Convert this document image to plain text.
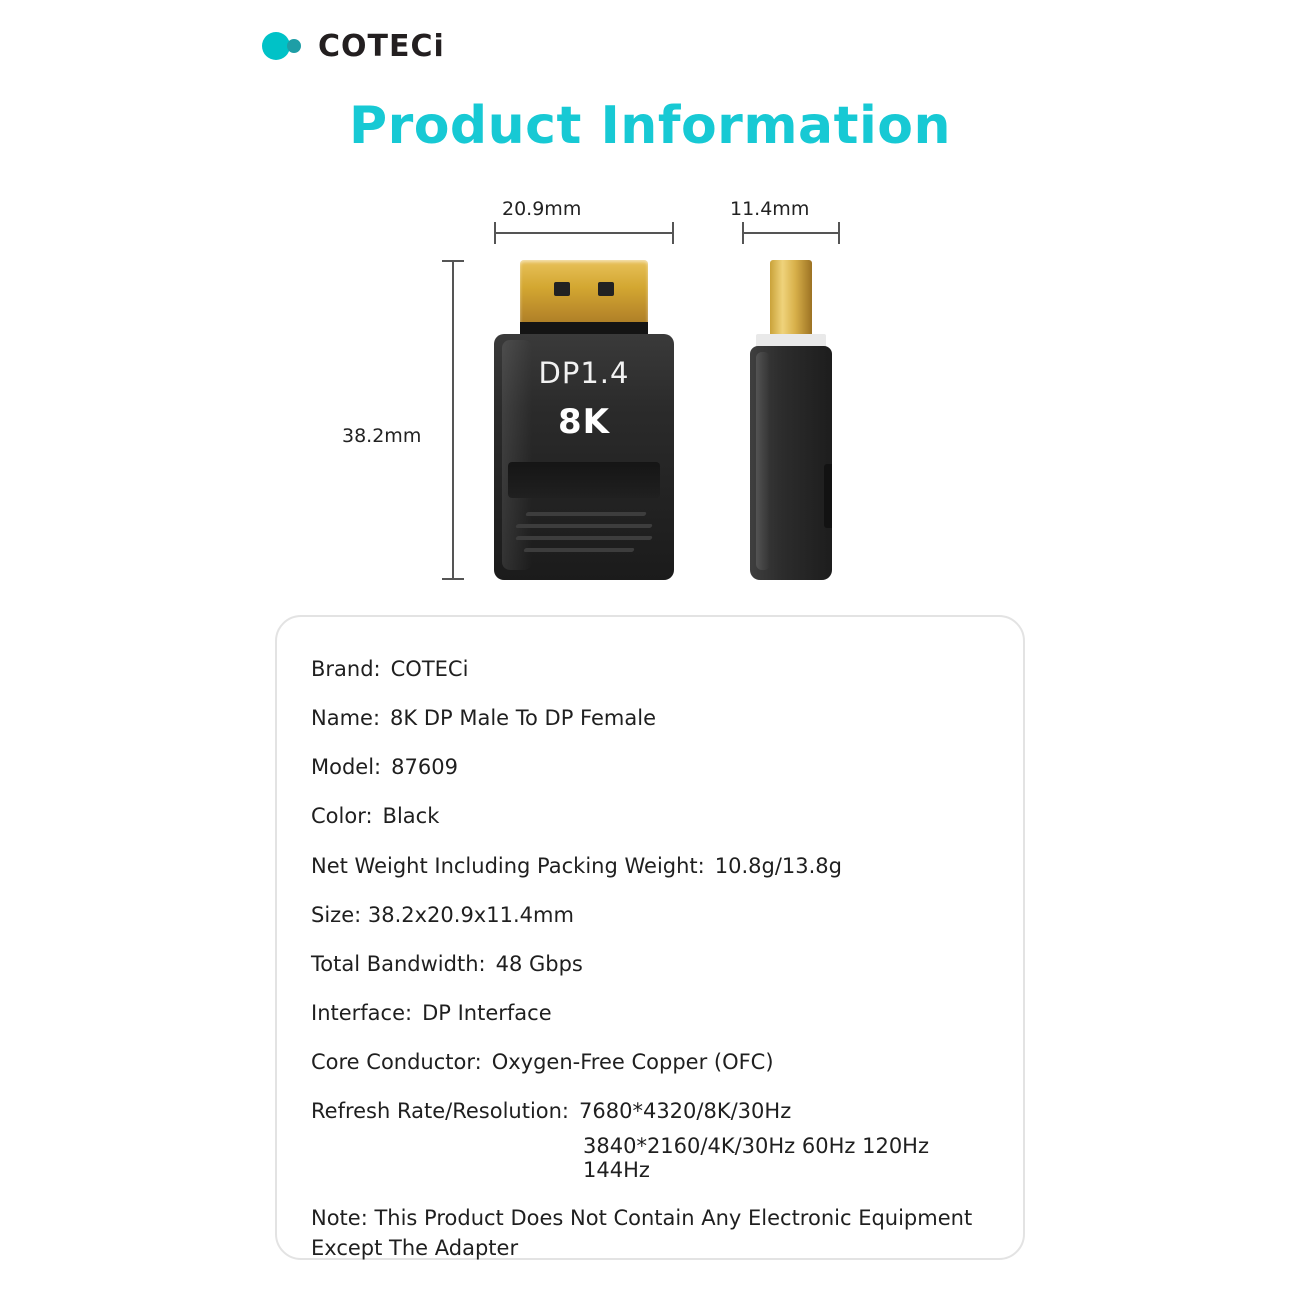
COTECi
Product Information
20.9mm	11.4mm
38.2mm
DP1.4
8K
Brand: COTECi
Name: 8K DP Male To DP Female
Model: 87609
Color: Black
Net Weight Including Packing Weight: 10.8g/13.8g
Size: 38.2x20.9x11.4mm
Total Bandwidth: 48 Gbps
Interface: DP Interface
Core Conductor: Oxygen-Free Copper (OFC)
Refresh Rate/Resolution: 7680*4320/8K/30Hz
3840*2160/4K/30Hz 60Hz 120Hz 144Hz
Note: This Product Does Not Contain Any Electronic Equipment Except The Adapter
